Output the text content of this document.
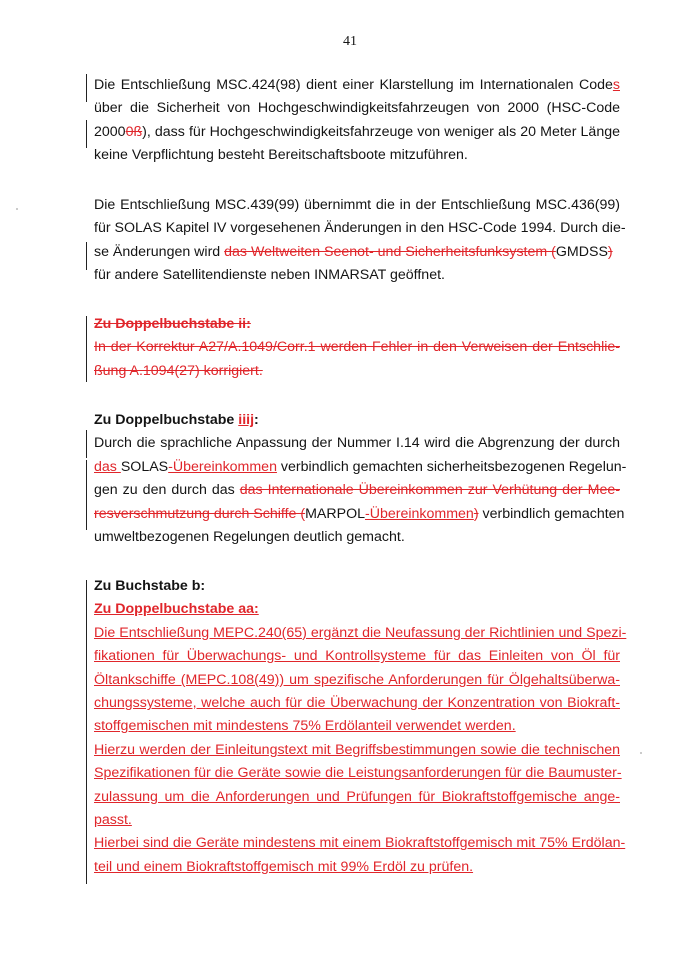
41
Die Entschließung MSC.424(98) dient einer Klarstellung im Internationalen Codes
über die Sicherheit von Hochgeschwindigkeitsfahrzeugen von 2000 (HSC-Code
20000ß), dass für Hochgeschwindigkeitsfahrzeuge von weniger als 20 Meter Länge
keine Verpflichtung besteht Bereitschaftsboote mitzuführen.
Die Entschließung MSC.439(99) übernimmt die in der Entschließung MSC.436(99)
für SOLAS Kapitel IV vorgesehenen Änderungen in den HSC-Code 1994. Durch die-
se Änderungen wird das Weltweiten Seenot- und Sicherheitsfunksystem (GMDSS)
für andere Satellitendienste neben INMARSAT geöffnet.
Zu Doppelbuchstabe ii:
In der Korrektur A27/A.1049/Corr.1 werden Fehler in den Verweisen der Entschlie-
ßung A.1094(27) korrigiert.
Zu Doppelbuchstabe iiij:
Durch die sprachliche Anpassung der Nummer I.14 wird die Abgrenzung der durch
das SOLAS-Übereinkommen verbindlich gemachten sicherheitsbezogenen Regelun-
gen zu den durch das das Internationale Übereinkommen zur Verhütung der Mee-
resverschmutzung durch Schiffe (MARPOL-Übereinkommen) verbindlich gemachten
umweltbezogenen Regelungen deutlich gemacht.
Zu Buchstabe b:
Zu Doppelbuchstabe aa:
Die Entschließung MEPC.240(65) ergänzt die Neufassung der Richtlinien und Spezi-
fikationen für Überwachungs- und Kontrollsysteme für das Einleiten von Öl für
Öltankschiffe (MEPC.108(49)) um spezifische Anforderungen für Ölgehaltsüberwa-
chungssysteme, welche auch für die Überwachung der Konzentration von Biokraft-
stoffgemischen mit mindestens 75% Erdölanteil verwendet werden.
Hierzu werden der Einleitungstext mit Begriffsbestimmungen sowie die technischen
Spezifikationen für die Geräte sowie die Leistungsanforderungen für die Baumuster-
zulassung um die Anforderungen und Prüfungen für Biokraftstoffgemische ange-
passt.
Hierbei sind die Geräte mindestens mit einem Biokraftstoffgemisch mit 75% Erdölan-
teil und einem Biokraftstoffgemisch mit 99% Erdöl zu prüfen.
